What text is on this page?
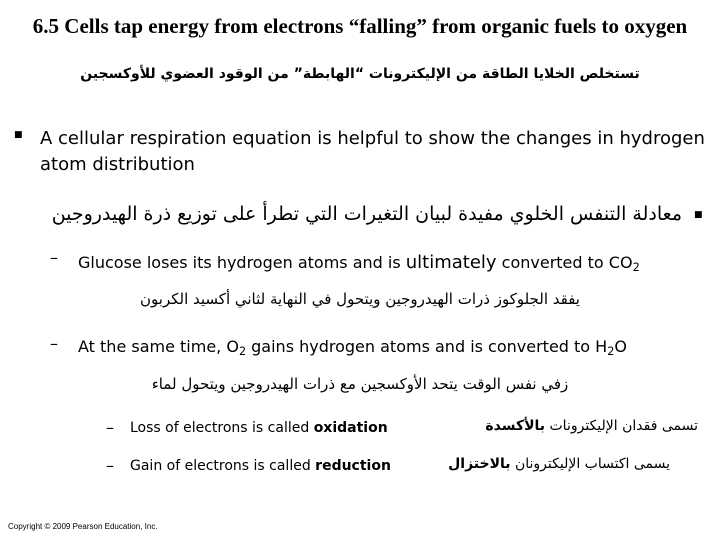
6.5 Cells tap energy from electrons “falling” from organic fuels to oxygen
تستخلص الخلايا الطاقة من الإليكترونات “الهابطة” من الوقود العضوي للأوكسجين
■ A cellular respiration equation is helpful to show the changes in hydrogen atom distribution
معادلة التنفس الخلوي مفيدة لبيان التغيرات التي تطرأ على توزيع ذرة الهيدروجين ■
– Glucose loses its hydrogen atoms and is ultimately converted to $CO_2$
يفقد الجلوكوز ذرات الهيدروجين ويتحول في النهاية لثاني أكسيد الكربون
– At the same time, $O_2$ gains hydrogen atoms and is converted to $H_2O$
زفي نفس الوقت يتحد الأوكسجين مع ذرات الهيدروجين ويتحول لماء
– Loss of electrons is called oxidation	تسمى فقدان الإليكترونات بالأكسدة
– Gain of electrons is called reduction	يسمى اكتساب الإليكترونان بالاختزال
Copyright © 2009 Pearson Education, Inc.
